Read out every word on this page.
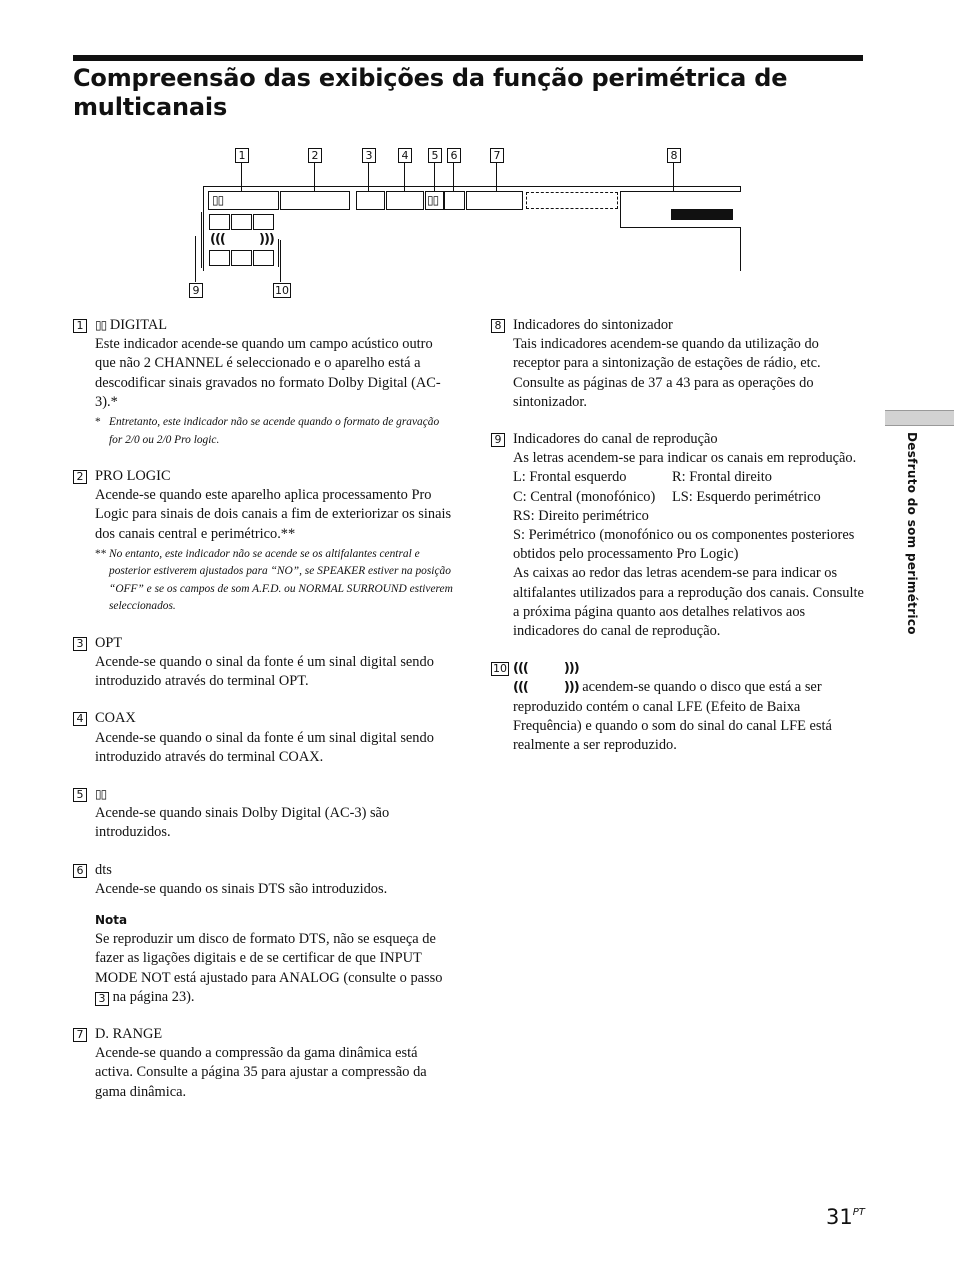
Compreensão das exibições da função perimétrica de multicanais
1	2	3	4	5	6	7	8
9	10
▯▯	▯▯
(((	)))
1 ▯▯ DIGITAL

Este indicador acende-se quando um campo acústico outro que não 2 CHANNEL é seleccionado e o aparelho está a descodificar sinais gravados no formato Dolby Digital (AC-3).*

* Entretanto, este indicador não se acende quando o formato de gravação for 2/0 ou 2/0 Pro logic.
2 PRO LOGIC

Acende-se quando este aparelho aplica processamento Pro Logic para sinais de dois canais a fim de exteriorizar os sinais dos canais central e perimétrico.**

** No entanto, este indicador não se acende se os altifalantes central e posterior estiverem ajustados para “NO”, se SPEAKER estiver na posição “OFF” e se os campos de som A.F.D. ou NORMAL SURROUND estiverem seleccionados.
3 OPT

Acende-se quando o sinal da fonte é um sinal digital sendo introduzido através do terminal OPT.

4 COAX

Acende-se quando o sinal da fonte é um sinal digital sendo introduzido através do terminal COAX.

5 ▯▯

Acende-se quando sinais Dolby Digital (AC-3) são introduzidos.

6 dts

Acende-se quando os sinais DTS são introduzidos.

Nota

Se reproduzir um disco de formato DTS, não se esqueça de fazer as ligações digitais e de se certificar de que INPUT MODE NOT está ajustado para ANALOG (consulte o passo 3 na página 23).

7 D. RANGE

Acende-se quando a compressão da gama dinâmica está activa. Consulte a página 35 para ajustar a compressão da gama dinâmica.

8 Indicadores do sintonizador

Tais indicadores acendem-se quando da utilização do receptor para a sintonização de estações de rádio, etc. Consulte as páginas de 37 a 43 para as operações do sintonizador.

9 Indicadores do canal de reprodução

As letras acendem-se para indicar os canais em reprodução.

L: Frontal esquerdo	R: Frontal direito

C: Central (monofónico)	LS: Esquerdo perimétrico

RS: Direito perimétrico

S: Perimétrico (monofónico ou os componentes posteriores obtidos pelo processamento Pro Logic)

As caixas ao redor das letras acendem-se para indicar os altifalantes utilizados para a reprodução dos canais. Consulte a próxima página quanto aos detalhes relativos aos indicadores do canal de reprodução.

10 (((	)))

(((	))) acendem-se quando o disco que está a ser reproduzido contém o canal LFE (Efeito de Baixa Frequência) e quando o som do sinal do canal LFE está realmente a ser reproduzido.

Desfruto do som perimétrico
$31^{PT}$
